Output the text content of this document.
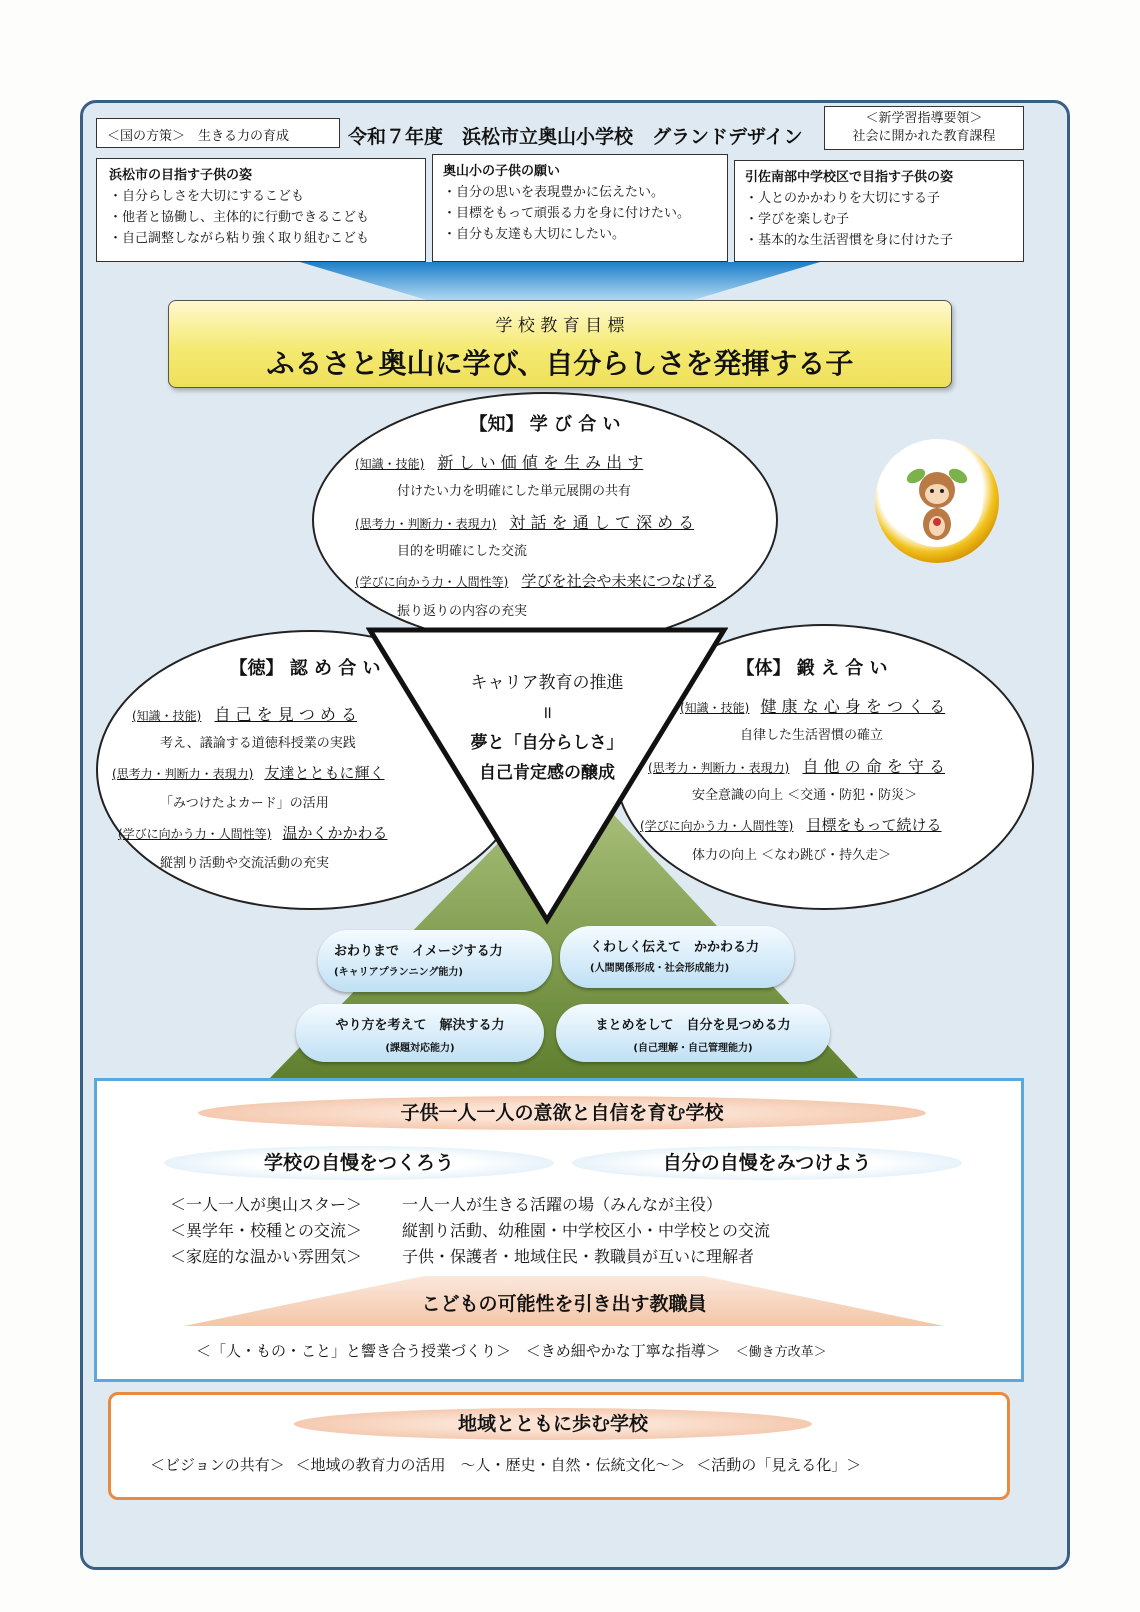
＜国の方策＞　生きる力の育成	令和７年度　浜松市立奥山小学校　グランドデザイン
＜新学習指導要領＞
社会に開かれた教育課程
浜松市の目指す子供の姿
・自分らしさを大切にするこども
・他者と協働し、主体的に行動できるこども
・自己調整しながら粘り強く取り組むこども
奥山小の子供の願い
・自分の思いを表現豊かに伝えたい。
・目標をもって頑張る力を身に付けたい。
・自分も友達も大切にしたい。
引佐南部中学校区で目指す子供の姿
・人とのかかわりを大切にする子
・学びを楽しむ子
・基本的な生活習慣を身に付けた子
学 校 教 育 目 標
ふるさと奥山に学び、自分らしさを発揮する子
【知】 学 び 合 い
(知識・技能) 新 し い 価 値 を 生 み 出 す
付けたい力を明確にした単元展開の共有
(思考力・判断力・表現力) 対 話 を 通 し て 深 め る
目的を明確にした交流
(学びに向かう力・人間性等) 学びを社会や未来につなげる
振り返りの内容の充実
【徳】 認 め 合 い
(知識・技能) 自 己 を 見 つ め る
考え、議論する道徳科授業の実践
(思考力・判断力・表現力) 友達とともに輝く
「みつけたよカード」の活用
(学びに向かう力・人間性等) 温かくかかわる
縦割り活動や交流活動の充実
【体】 鍛 え 合 い
(知識・技能) 健 康 な 心 身 を つ く る
自律した生活習慣の確立
(思考力・判断力・表現力) 自 他 の 命 を 守 る
安全意識の向上 ＜交通・防犯・防災＞
(学びに向かう力・人間性等) 目標をもって続ける
体力の向上 ＜なわ跳び・持久走＞
キャリア教育の推進
॥
夢と「自分らしさ」
自己肯定感の醸成
おわりまで　イメージする力
(キャリアプランニング能力)
くわしく伝えて　かかわる力
(人間関係形成・社会形成能力)
やり方を考えて　解決する力
(課題対応能力)
まとめをして　自分を見つめる力
(自己理解・自己管理能力)
子供一人一人の意欲と自信を育む学校
学校の自慢をつくろう	自分の自慢をみつけよう
＜一人一人が奥山スター＞ 一人一人が生きる活躍の場（みんなが主役）
＜異学年・校種との交流＞ 縦割り活動、幼稚園・中学校区小・中学校との交流
＜家庭的な温かい雰囲気＞ 子供・保護者・地域住民・教職員が互いに理解者
こどもの可能性を引き出す教職員
＜「人・もの・こと」と響き合う授業づくり＞ ＜きめ細やかな丁寧な指導＞ ＜働き方改革＞
地域とともに歩む学校
＜ビジョンの共有＞ ＜地域の教育力の活用　～人・歴史・自然・伝統文化～＞ ＜活動の「見える化」＞
